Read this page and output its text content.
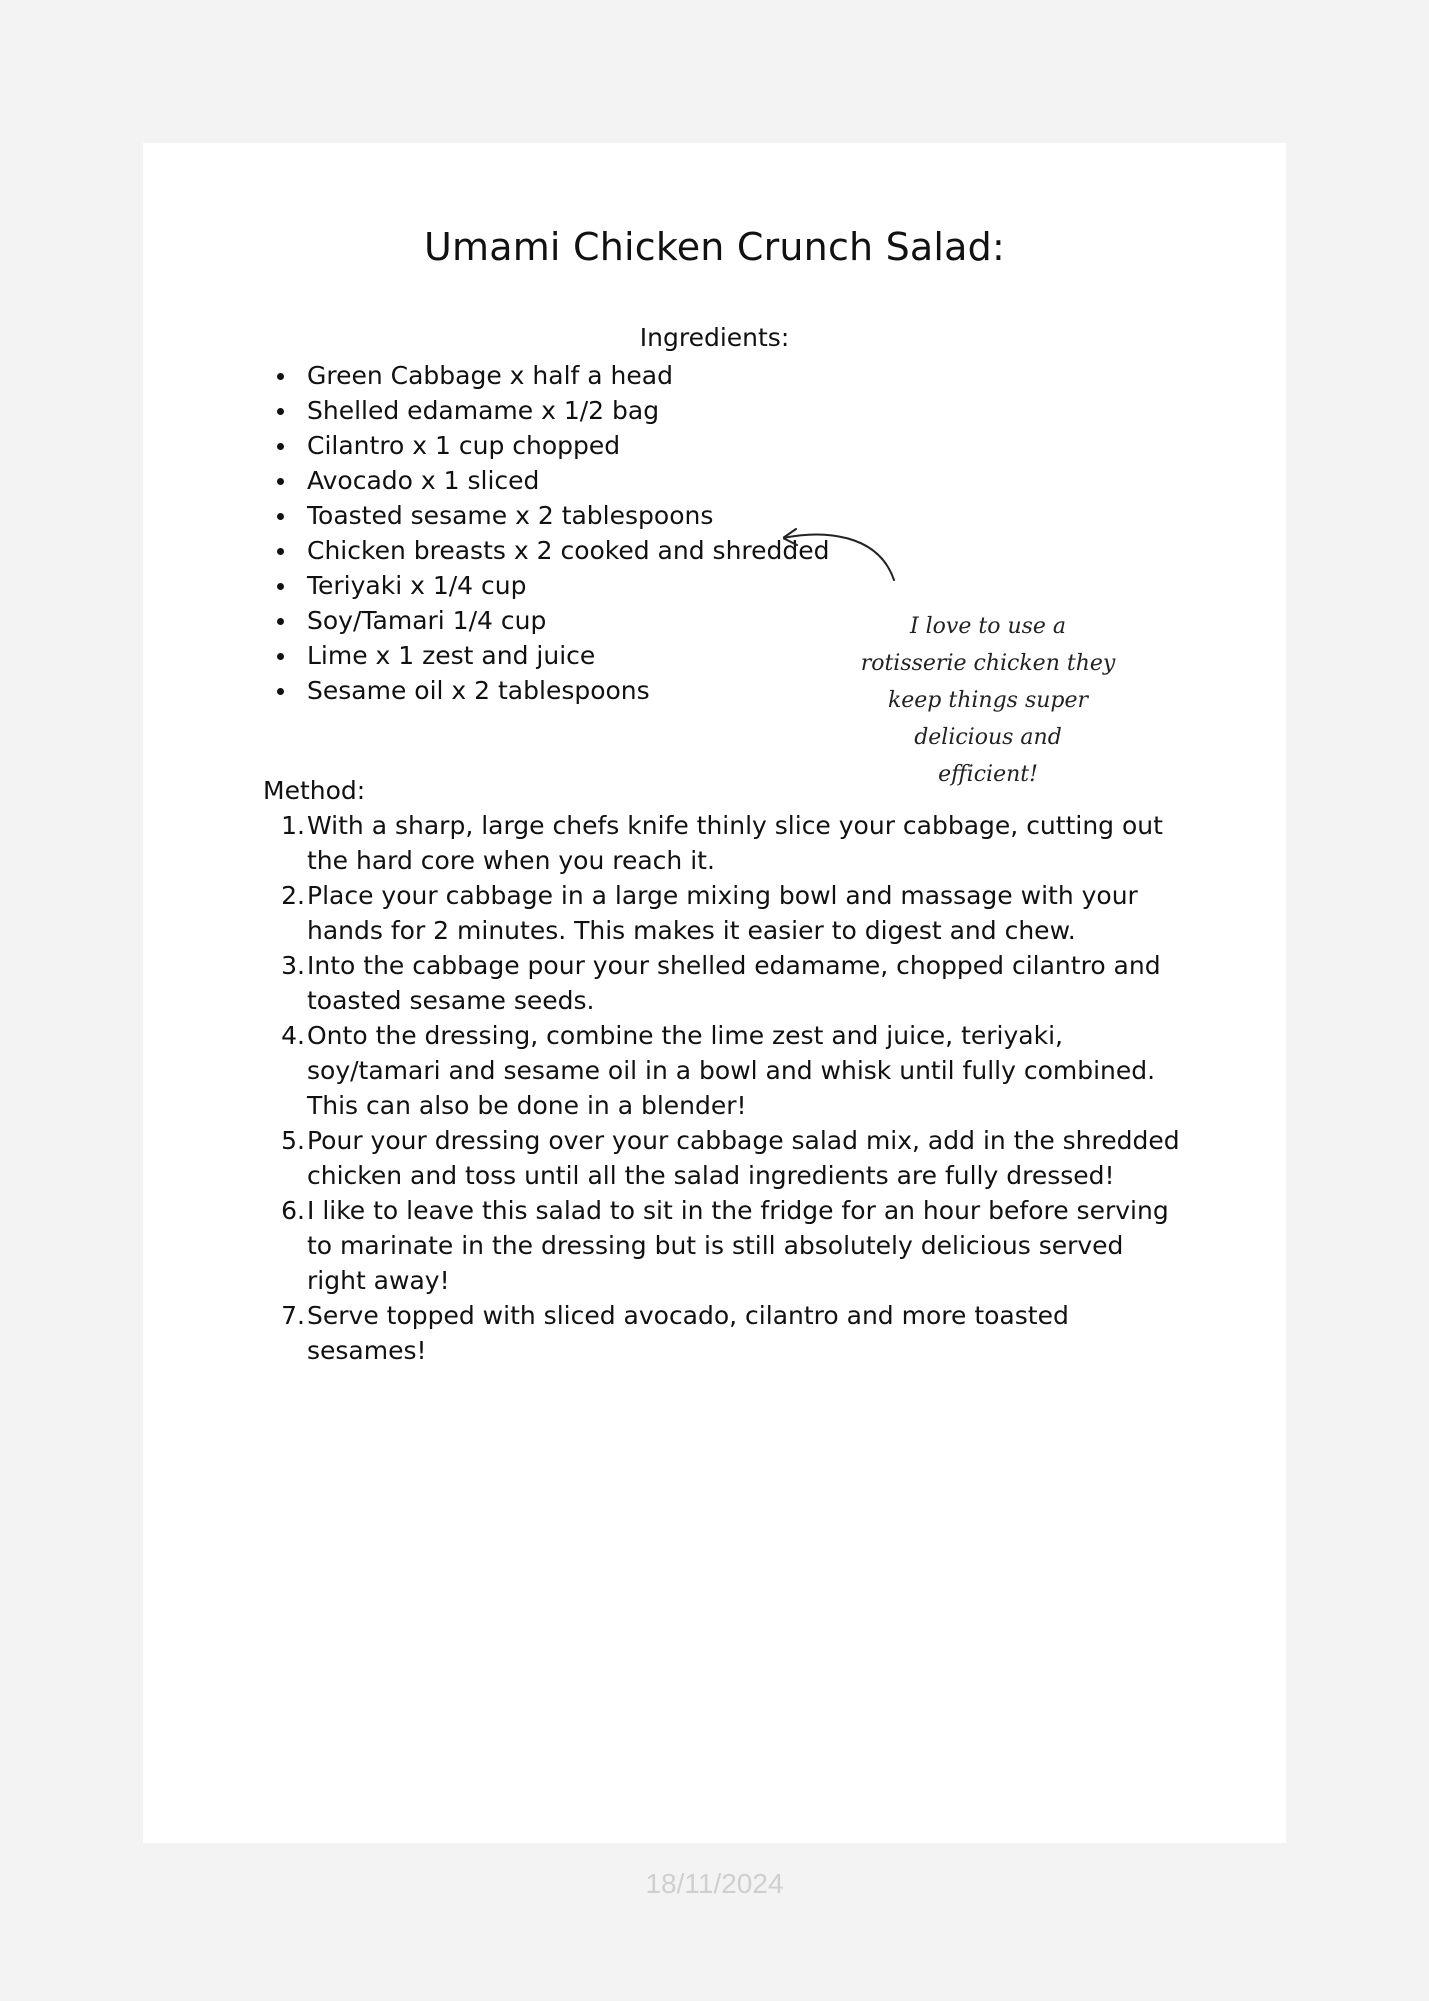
Umami Chicken Crunch Salad:
Ingredients:
Green Cabbage x half a head
Shelled edamame x 1/2 bag
Cilantro x 1 cup chopped
Avocado x 1 sliced
Toasted sesame x 2 tablespoons
Chicken breasts x 2 cooked and shredded
Teriyaki x 1/4 cup
Soy/Tamari 1/4 cup
Lime x 1 zest and juice
Sesame oil x 2 tablespoons
I love to use a
rotisserie chicken they
keep things super
delicious and
efficient!
Method:
1. With a sharp, large chefs knife thinly slice your cabbage, cutting out the hard core when you reach it.
2. Place your cabbage in a large mixing bowl and massage with your hands for 2 minutes. This makes it easier to digest and chew.
3. Into the cabbage pour your shelled edamame, chopped cilantro and toasted sesame seeds.
4. Onto the dressing, combine the lime zest and juice, teriyaki, soy/tamari and sesame oil in a bowl and whisk until fully combined. This can also be done in a blender!
5. Pour your dressing over your cabbage salad mix, add in the shredded chicken and toss until all the salad ingredients are fully dressed!
6. I like to leave this salad to sit in the fridge for an hour before serving to marinate in the dressing but is still absolutely delicious served right away!
7. Serve topped with sliced avocado, cilantro and more toasted sesames!
18/11/2024
